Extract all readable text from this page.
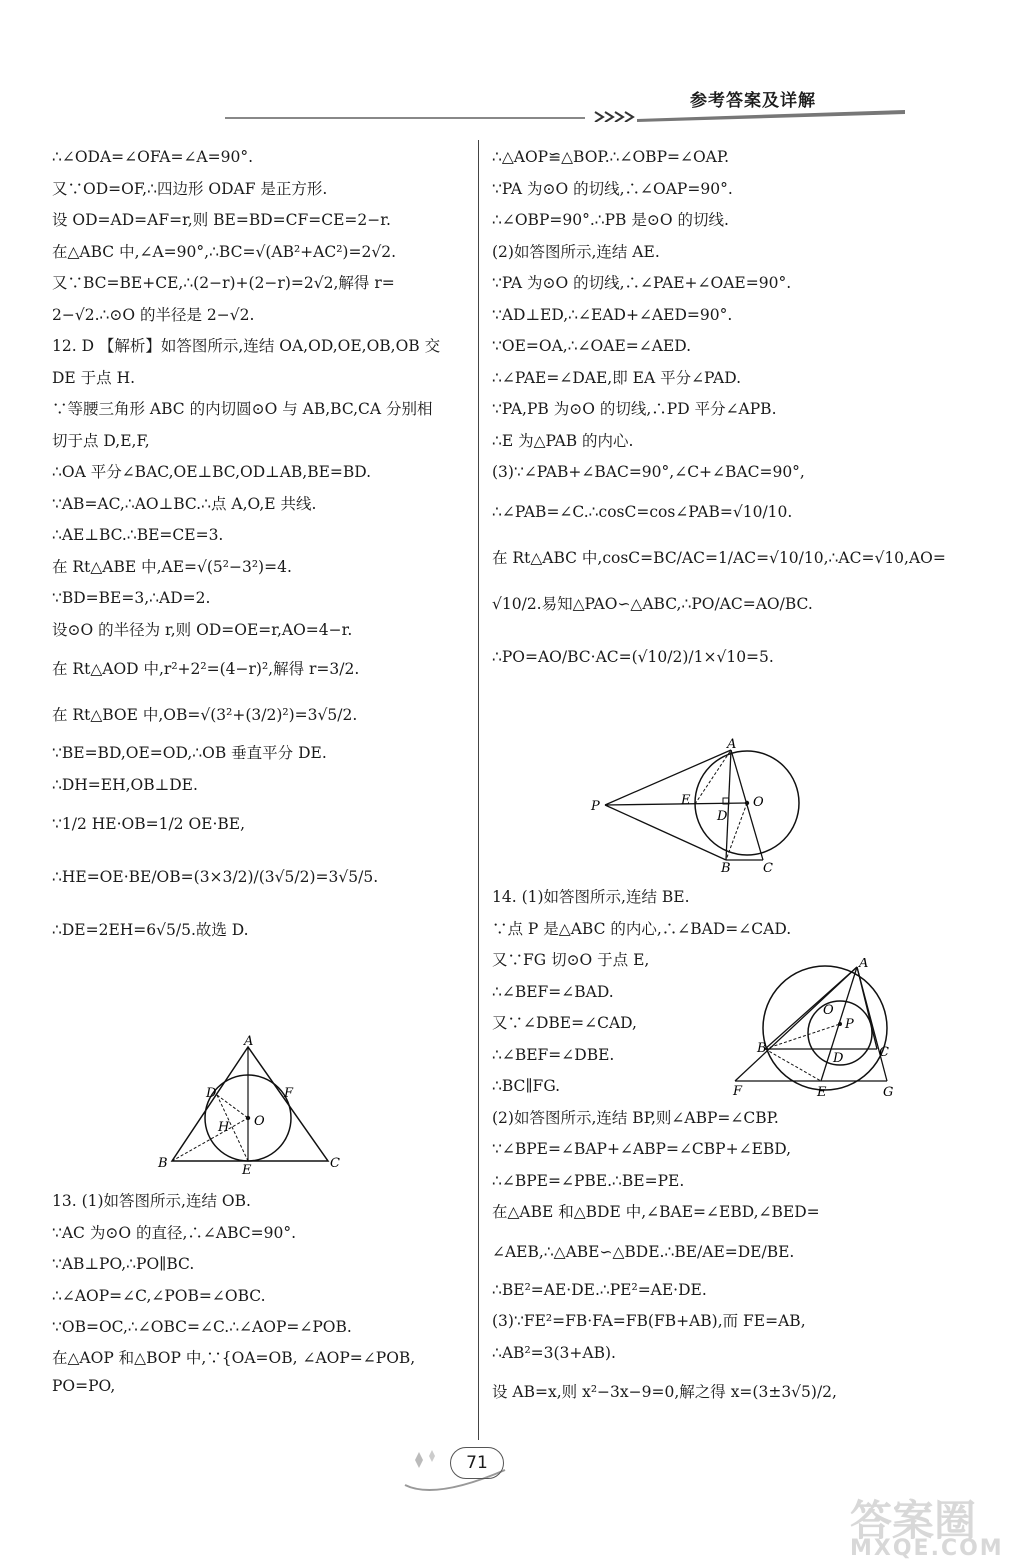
参考答案及详解
∴∠ODA=∠OFA=∠A=90°.
又∵OD=OF,∴四边形 ODAF 是正方形.
设 OD=AD=AF=r,则 BE=BD=CF=CE=2−r.
在△ABC 中,∠A=90°,∴BC=√(AB²+AC²)=2√2.
又∵BC=BE+CE,∴(2−r)+(2−r)=2√2,解得 r=
2−√2.∴⊙O 的半径是 2−√2.
12. D 【解析】如答图所示,连结 OA,OD,OE,OB,OB 交
DE 于点 H.
∵等腰三角形 ABC 的内切圆⊙O 与 AB,BC,CA 分别相
切于点 D,E,F,
∴OA 平分∠BAC,OE⊥BC,OD⊥AB,BE=BD.
∵AB=AC,∴AO⊥BC.∴点 A,O,E 共线.
∴AE⊥BC.∴BE=CE=3.
在 Rt△ABE 中,AE=√(5²−3²)=4.
∵BD=BE=3,∴AD=2.
设⊙O 的半径为 r,则 OD=OE=r,AO=4−r.
在 Rt△AOD 中,r²+2²=(4−r)²,解得 r=3/2.
在 Rt△BOE 中,OB=√(3²+(3/2)²)=3√5/2.
∵BE=BD,OE=OD,∴OB 垂直平分 DE.
∴DH=EH,OB⊥DE.
∵1/2 HE·OB=1/2 OE·BE,
∴HE=OE·BE/OB=(3×3/2)/(3√5/2)=3√5/5.
∴DE=2EH=6√5/5.故选 D.
A
D	F
H O
B	E	C
13. (1)如答图所示,连结 OB.
∵AC 为⊙O 的直径,∴∠ABC=90°.
∵AB⊥PO,∴PO∥BC.
∴∠AOP=∠C,∠POB=∠OBC.
∵OB=OC,∴∠OBC=∠C.∴∠AOP=∠POB.
在△AOP 和△BOP 中,∵{OA=OB, ∠AOP=∠POB, PO=PO,
∴△AOP≌△BOP.∴∠OBP=∠OAP.
∵PA 为⊙O 的切线,∴∠OAP=90°.
∴∠OBP=90°.∴PB 是⊙O 的切线.
(2)如答图所示,连结 AE.
∵PA 为⊙O 的切线,∴∠PAE+∠OAE=90°.
∵AD⊥ED,∴∠EAD+∠AED=90°.
∵OE=OA,∴∠OAE=∠AED.
∴∠PAE=∠DAE,即 EA 平分∠PAD.
∵PA,PB 为⊙O 的切线,∴PD 平分∠APB.
∴E 为△PAB 的内心.
(3)∵∠PAB+∠BAC=90°,∠C+∠BAC=90°,
∴∠PAB=∠C.∴cosC=cos∠PAB=√10/10.
在 Rt△ABC 中,cosC=BC/AC=1/AC=√10/10,∴AC=√10,AO=
√10/2.易知△PAO∽△ABC,∴PO/AC=AO/BC.
∴PO=AO/BC·AC=(√10/2)/1×√10=5.
A
P	E
D
O
B C
14. (1)如答图所示,连结 BE.
∵点 P 是△ABC 的内心,∴∠BAD=∠CAD.
又∵FG 切⊙O 于点 E,
∴∠BEF=∠BAD.
又∵∠DBE=∠CAD,
∴∠BEF=∠DBE.
∴BC∥FG.
(2)如答图所示,连结 BP,则∠ABP=∠CBP.
∵∠BPE=∠BAP+∠ABP=∠CBP+∠EBD,
∴∠BPE=∠PBE.∴BE=PE.
在△ABE 和△BDE 中,∠BAE=∠EBD,∠BED=
∠AEB,∴△ABE∽△BDE.∴BE/AE=DE/BE.
∴BE²=AE·DE.∴PE²=AE·DE.
(3)∵FE²=FB·FA=FB(FB+AB),而 FE=AB,
∴AB²=3(3+AB).
设 AB=x,则 x²−3x−9=0,解之得 x=(3±3√5)/2,
A
O
P
B
D	C
F	E	G
71
答案圈
MXQE.COM
